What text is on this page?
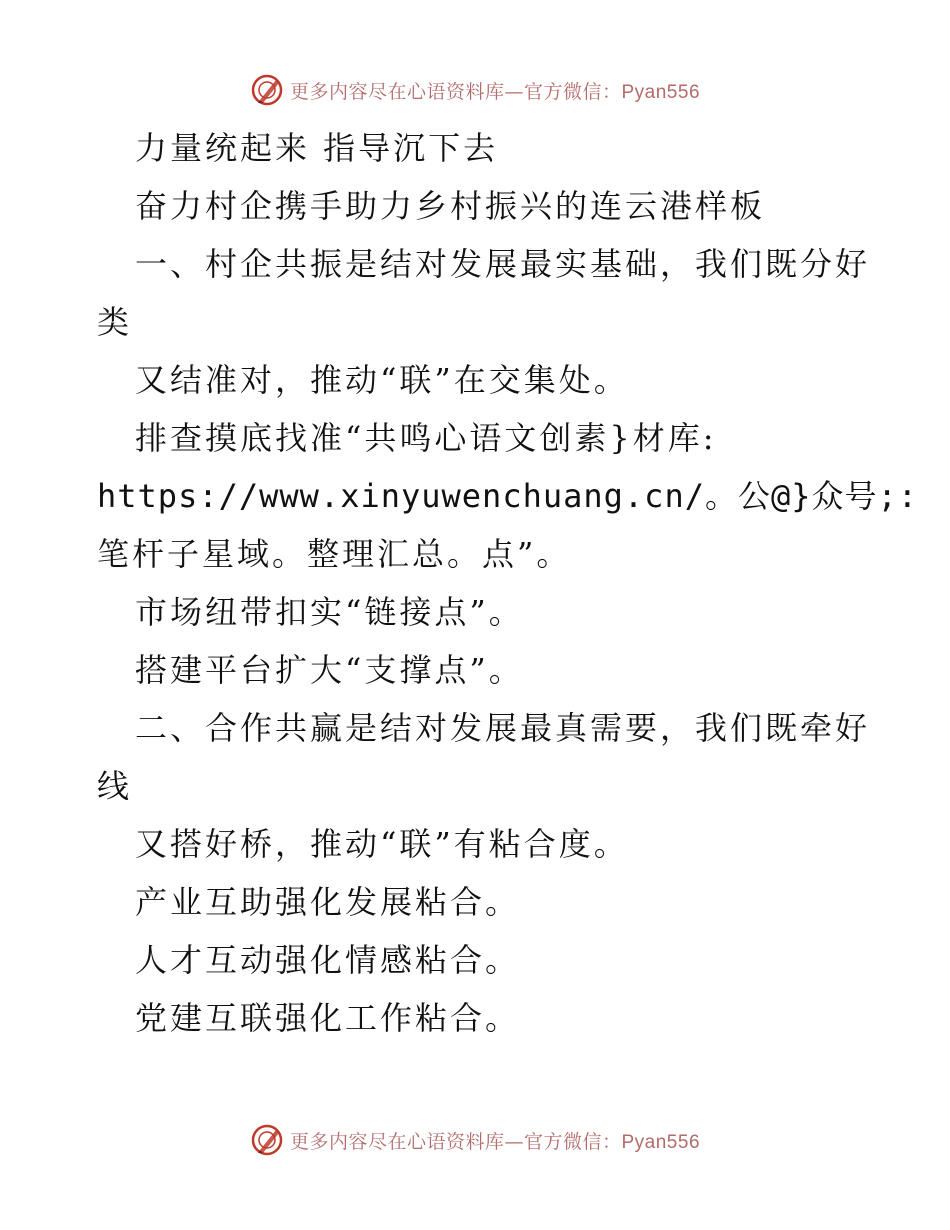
更多内容尽在心语资料库—官方微信：Pyan556
力量统起来 指导沉下去
奋力村企携手助力乡村振兴的连云港样板
一、村企共振是结对发展最实基础，我们既分好
类
又结准对，推动“联”在交集处。
排查摸底找准“共鸣心语文创素}材库:
https://www.xinyuwenchuang.cn/。公@}众号;:
笔杆子星域。整理汇总。点”。
市场纽带扣实“链接点”。
搭建平台扩大“支撑点”。
二、合作共赢是结对发展最真需要，我们既牵好
线
又搭好桥，推动“联”有粘合度。
产业互助强化发展粘合。
人才互动强化情感粘合。
党建互联强化工作粘合。
更多内容尽在心语资料库—官方微信：Pyan556
